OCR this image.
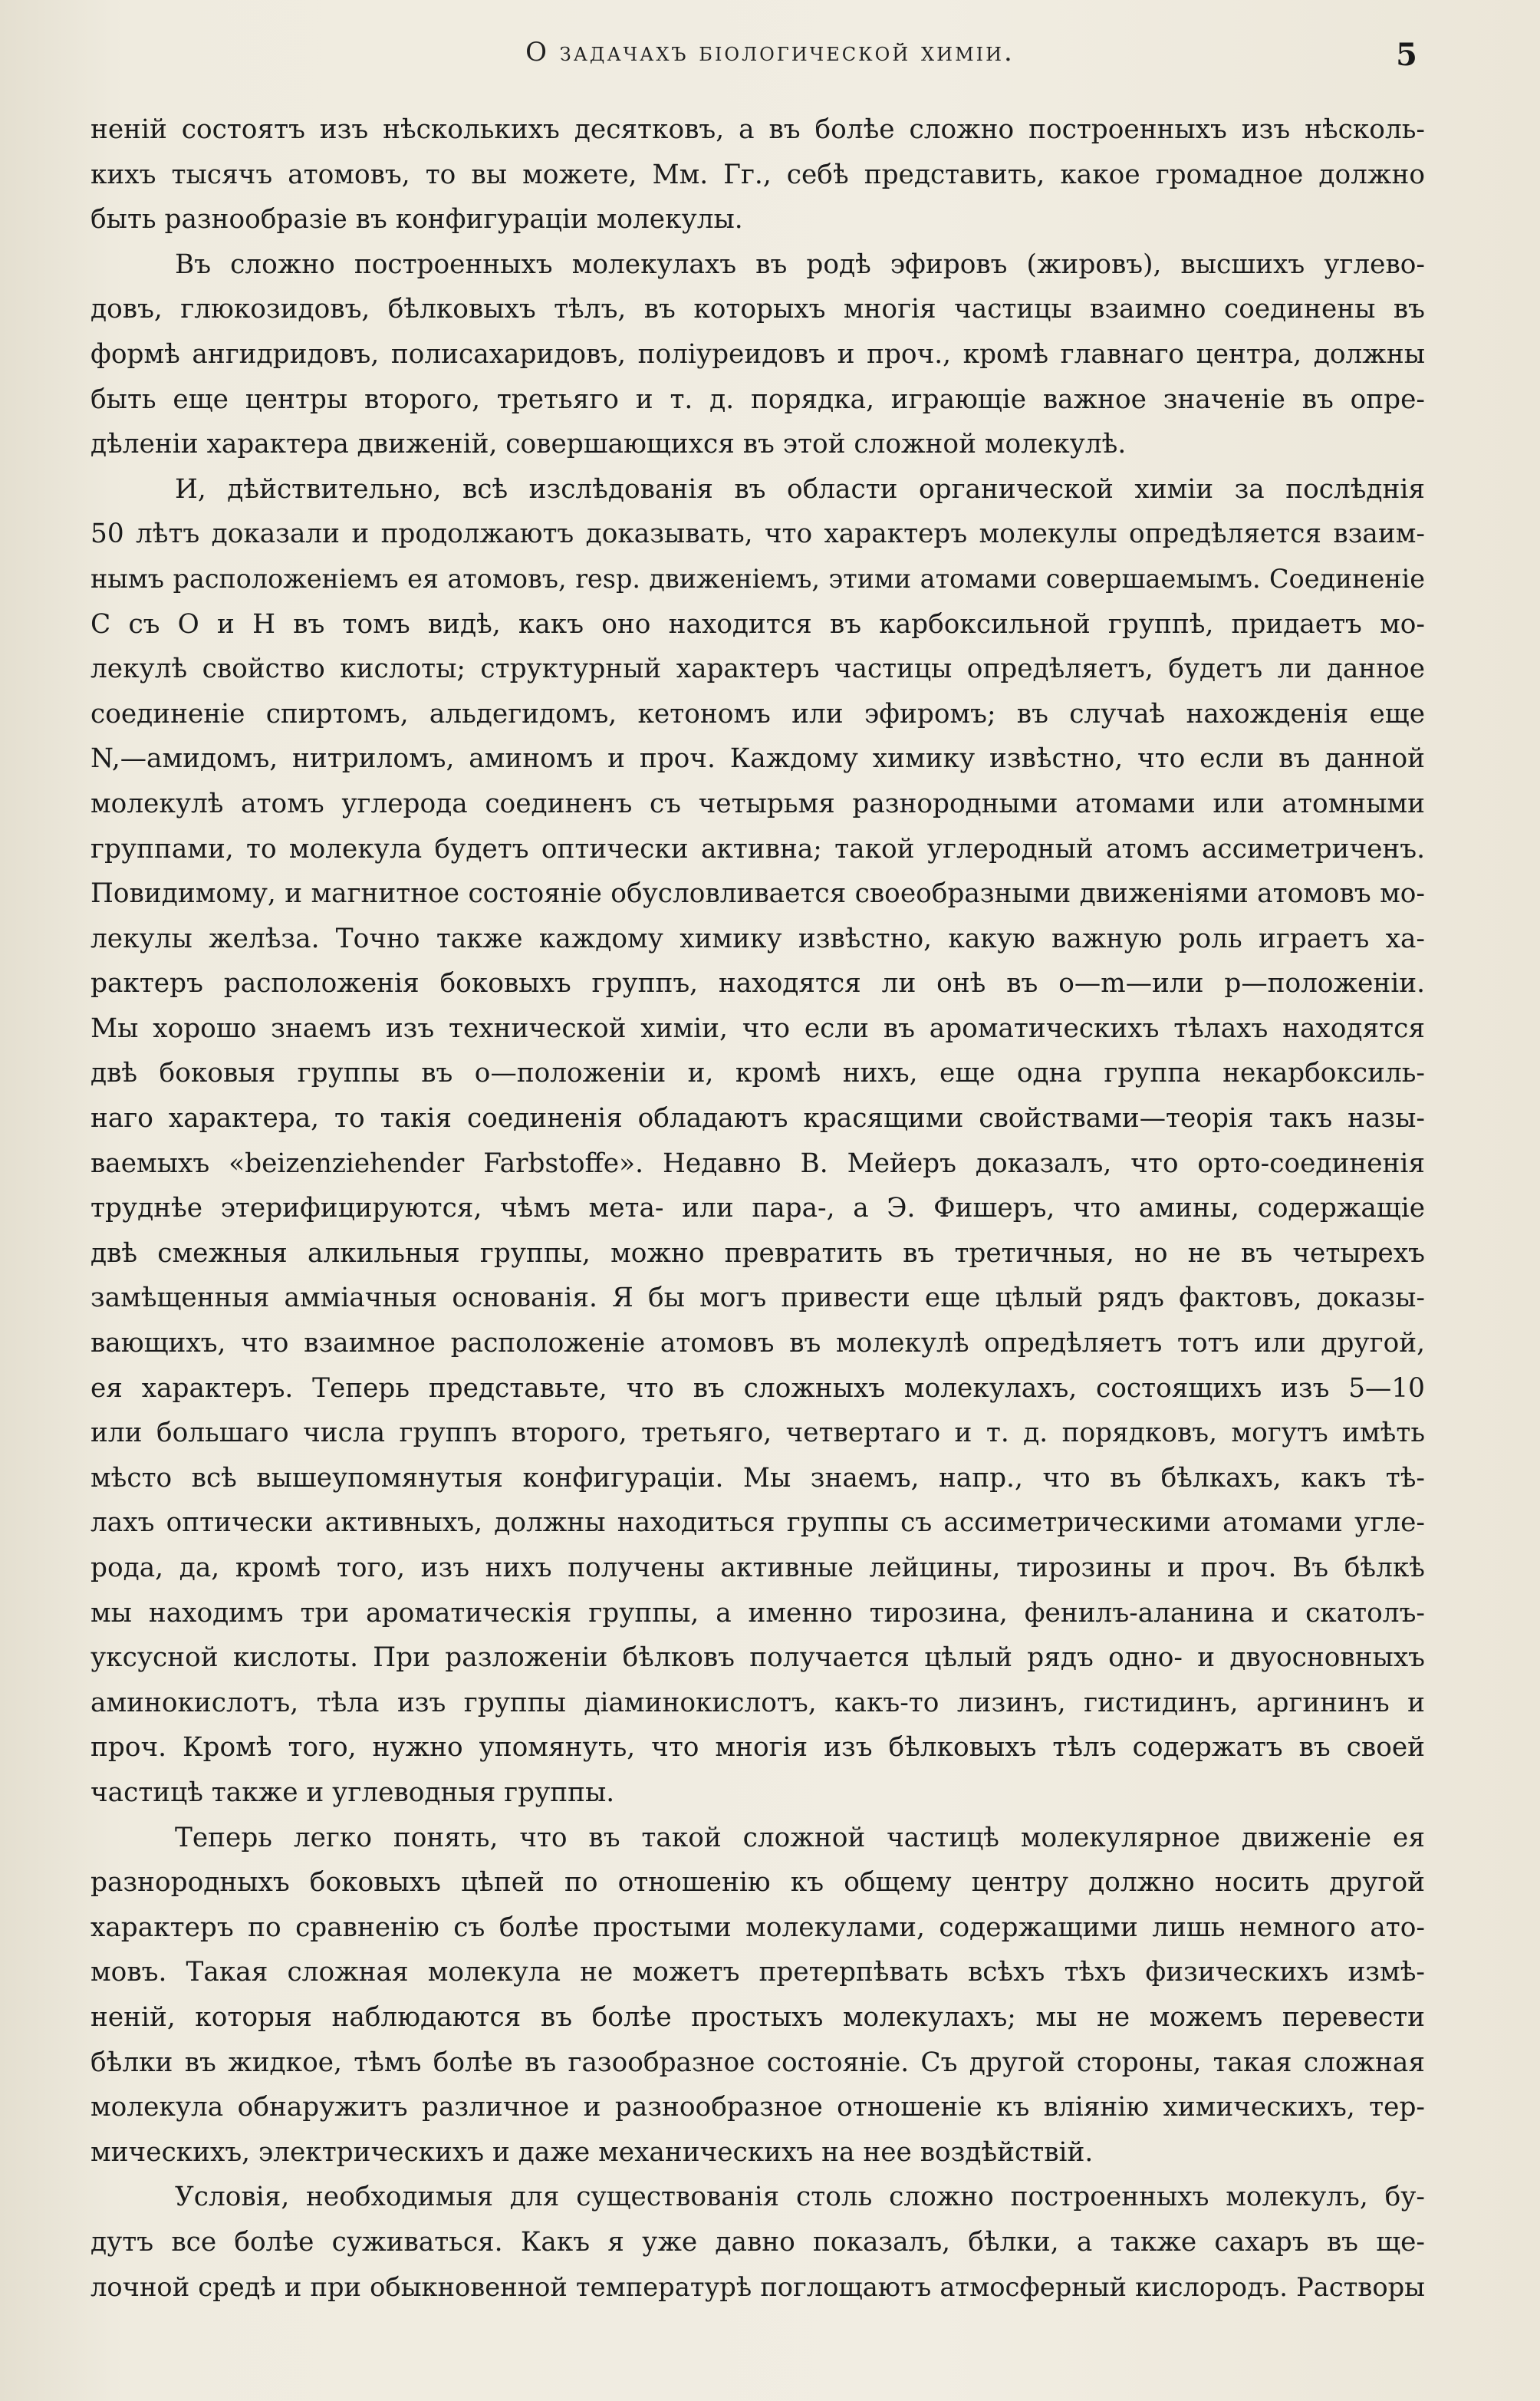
О задачахъ біологической химіи.	5
неній состоятъ изъ нѣсколькихъ десятковъ, а въ болѣе сложно построенныхъ изъ нѣсколь-
кихъ тысячъ атомовъ, то вы можете, Мм. Гг., себѣ представить, какое громадное должно
быть разнообразіе въ конфигураціи молекулы.
Въ сложно построенныхъ молекулахъ въ родѣ эфировъ (жировъ), высшихъ углево-
довъ, глюкозидовъ, бѣлковыхъ тѣлъ, въ которыхъ многія частицы взаимно соединены въ
формѣ ангидридовъ, полисахаридовъ, поліуреидовъ и проч., кромѣ главнаго центра, должны
быть еще центры второго, третьяго и т. д. порядка, играющіе важное значеніе въ опре-
дѣленіи характера движеній, совершающихся въ этой сложной молекулѣ.
И, дѣйствительно, всѣ изслѣдованія въ области органической химіи за послѣднія
50 лѣтъ доказали и продолжаютъ доказывать, что характеръ молекулы опредѣляется взаим-
нымъ расположеніемъ ея атомовъ, resp. движеніемъ, этими атомами совершаемымъ. Соединеніе
С съ О и Н въ томъ видѣ, какъ оно находится въ карбоксильной группѣ, придаетъ мо-
лекулѣ свойство кислоты; структурный характеръ частицы опредѣляетъ, будетъ ли данное
соединеніе спиртомъ, альдегидомъ, кетономъ или эфиромъ; въ случаѣ нахожденія еще
N,—амидомъ, нитриломъ, аминомъ и проч. Каждому химику извѣстно, что если въ данной
молекулѣ атомъ углерода соединенъ съ четырьмя разнородными атомами или атомными
группами, то молекула будетъ оптически активна; такой углеродный атомъ ассиметриченъ.
Повидимому, и магнитное состояніе обусловливается своеобразными движеніями атомовъ мо-
лекулы желѣза. Точно также каждому химику извѣстно, какую важную роль играетъ ха-
рактеръ расположенія боковыхъ группъ, находятся ли онѣ въ о—m—или р—положеніи.
Мы хорошо знаемъ изъ технической химіи, что если въ ароматическихъ тѣлахъ находятся
двѣ боковыя группы въ о—положеніи и, кромѣ нихъ, еще одна группа некарбоксиль-
наго характера, то такія соединенія обладаютъ красящими свойствами—теорія такъ назы-
ваемыхъ «beizenziehender Farbstoffe». Недавно В. Мейеръ доказалъ, что орто-соединенія
труднѣе этерифицируются, чѣмъ мета- или пара-, а Э. Фишеръ, что амины, содержащіе
двѣ смежныя алкильныя группы, можно превратить въ третичныя, но не въ четырехъ
замѣщенныя амміачныя основанія. Я бы могъ привести еще цѣлый рядъ фактовъ, доказы-
вающихъ, что взаимное расположеніе атомовъ въ молекулѣ опредѣляетъ тотъ или другой,
ея характеръ. Теперь представьте, что въ сложныхъ молекулахъ, состоящихъ изъ 5—10
или большаго числа группъ второго, третьяго, четвертаго и т. д. порядковъ, могутъ имѣть
мѣсто всѣ вышеупомянутыя конфигураціи. Мы знаемъ, напр., что въ бѣлкахъ, какъ тѣ-
лахъ оптически активныхъ, должны находиться группы съ ассиметрическими атомами угле-
рода, да, кромѣ того, изъ нихъ получены активные лейцины, тирозины и проч. Въ бѣлкѣ
мы находимъ три ароматическія группы, а именно тирозина, фенилъ-аланина и скатолъ-
уксусной кислоты. При разложеніи бѣлковъ получается цѣлый рядъ одно- и двуосновныхъ
аминокислотъ, тѣла изъ группы діаминокислотъ, какъ-то лизинъ, гистидинъ, аргининъ и
проч. Кромѣ того, нужно упомянуть, что многія изъ бѣлковыхъ тѣлъ содержатъ въ своей
частицѣ также и углеводныя группы.
Теперь легко понять, что въ такой сложной частицѣ молекулярное движеніе ея
разнородныхъ боковыхъ цѣпей по отношенію къ общему центру должно носить другой
характеръ по сравненію съ болѣе простыми молекулами, содержащими лишь немного ато-
мовъ. Такая сложная молекула не можетъ претерпѣвать всѣхъ тѣхъ физическихъ измѣ-
неній, которыя наблюдаются въ болѣе простыхъ молекулахъ; мы не можемъ перевести
бѣлки въ жидкое, тѣмъ болѣе въ газообразное состояніе. Съ другой стороны, такая сложная
молекула обнаружитъ различное и разнообразное отношеніе къ вліянію химическихъ, тер-
мическихъ, электрическихъ и даже механическихъ на нее воздѣйствій.
Условія, необходимыя для существованія столь сложно построенныхъ молекулъ, бу-
дутъ все болѣе суживаться. Какъ я уже давно показалъ, бѣлки, а также сахаръ въ ще-
лочной средѣ и при обыкновенной температурѣ поглощаютъ атмосферный кислородъ. Растворы
